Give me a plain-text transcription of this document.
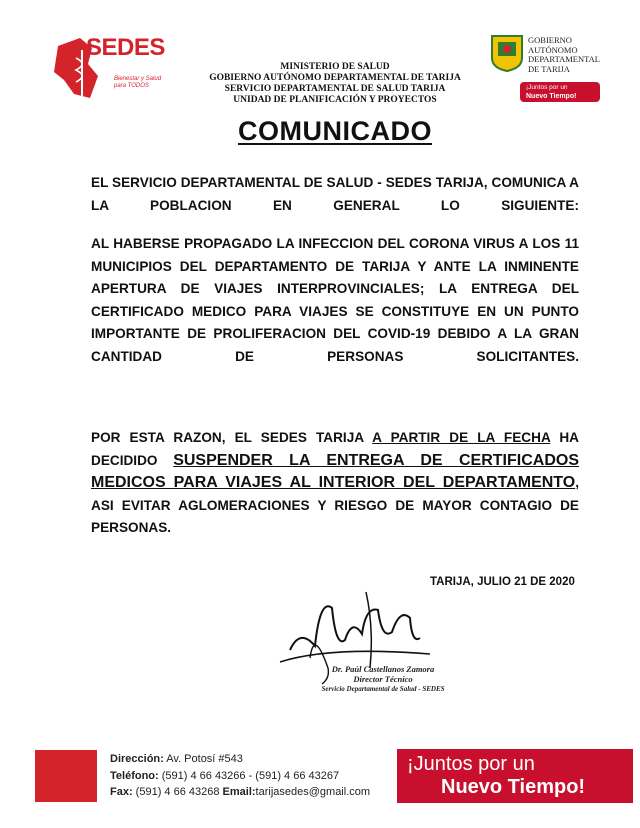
SEDES
Bienestar y Salud para TODOS
MINISTERIO DE SALUD
GOBIERNO AUTÓNOMO DEPARTAMENTAL DE TARIJA
SERVICIO DEPARTAMENTAL DE SALUD TARIJA
UNIDAD DE PLANIFICACIÓN Y PROYECTOS
GOBIERNO
AUTÓNOMO
DEPARTAMENTAL
DE TARIJA
¡Juntos por un
Nuevo Tiempo!
COMUNICADO
EL SERVICIO DEPARTAMENTAL DE SALUD - SEDES TARIJA, COMUNICA A LA POBLACION EN GENERAL LO SIGUIENTE:
AL HABERSE PROPAGADO LA INFECCION DEL CORONA VIRUS A LOS 11 MUNICIPIOS DEL DEPARTAMENTO DE TARIJA Y ANTE LA INMINENTE APERTURA DE VIAJES INTERPROVINCIALES; LA ENTREGA DEL CERTIFICADO MEDICO PARA VIAJES SE CONSTITUYE EN UN PUNTO IMPORTANTE DE PROLIFERACION DEL COVID-19 DEBIDO A LA GRAN CANTIDAD DE PERSONAS SOLICITANTES.
POR ESTA RAZON, EL SEDES TARIJA A PARTIR DE LA FECHA HA DECIDIDO SUSPENDER LA ENTREGA DE CERTIFICADOS MEDICOS PARA VIAJES AL INTERIOR DEL DEPARTAMENTO, ASI EVITAR AGLOMERACIONES Y RIESGO DE MAYOR CONTAGIO DE PERSONAS.
TARIJA, JULIO 21 DE 2020
Dr. Paúl Castellanos Zamora
Director Técnico
Servicio Departamental de Salud - SEDES
Dirección: Av. Potosí #543
Teléfono: (591) 4 66 43266 - (591) 4 66 43267
Fax: (591) 4 66 43268 Email:tarijasedes@gmail.com
¡Juntos por un
Nuevo Tiempo!
